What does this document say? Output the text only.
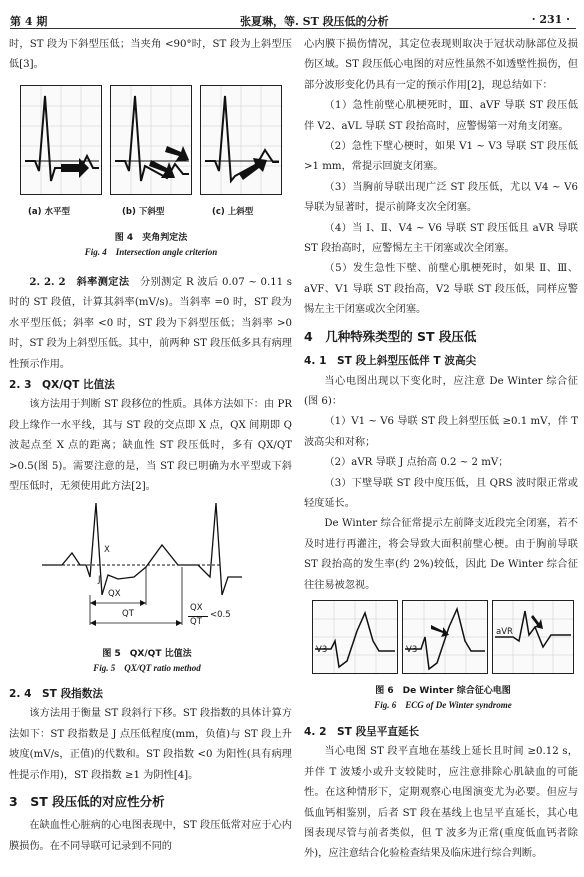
第 4 期	张夏琳，等. ST 段压低的分析	· 231 ·

时，ST 段为下斜型压低；当夹角 <90°时，ST 段为上斜型压低[3]。

(a) 水平型	(b) 下斜型	(c) 上斜型
图 4　夹角判定法
Fig. 4　Intersection angle criterion

2. 2. 2　斜率测定法　 分别测定 R 波后 0.07 ~ 0.11 s 时的 ST 段值，计算其斜率(mV/s)。当斜率 =0 时，ST 段为水平型压低；斜率 <0 时，ST 段为下斜型压低；当斜率 >0 时，ST 段为上斜型压低。其中，前两种 ST 段压低多具有病理性预示作用。

2. 3　QX/QT 比值法

该方法用于判断 ST 段移位的性质。具体方法如下：由 PR 段上缘作一水平线，其与 ST 段的交点即 X 点，QX 间期即 Q 波起点至 X 点的距离；缺血性 ST 段压低时，多有 QX/QT >0.5(图 5)。需要注意的是，当 ST 段已明确为水平型或下斜型压低时，无须使用此方法[2]。

X
J
QX
QT
QX
QT
<0.5
图 5　QX/QT 比值法
Fig. 5　QX/QT ratio method
2. 4　ST 段指数法

该方法用于衡量 ST 段斜行下移。ST 段指数的具体计算方法如下：ST 段指数是 J 点压低程度(mm，负值)与 ST 段上升坡度(mV/s，正值)的代数和。ST 段指数 <0 为阳性(具有病理性提示作用)，ST 段指数 ≥1 为阴性[4]。

3　ST 段压低的对应性分析

在缺血性心脏病的心电图表现中，ST 段压低常对应于心内膜损伤。在不同导联可记录到不同的

心内膜下损伤情况，其定位表现则取决于冠状动脉部位及损伤区域。ST 段压低心电图的对应性虽然不如透壁性损伤，但部分波形变化仍具有一定的预示作用[2]，现总结如下：

（1）急性前壁心肌梗死时，Ⅲ、aVF 导联 ST 段压低伴 V2、aVL 导联 ST 段抬高时，应警惕第一对角支闭塞。

（2）急性下壁心梗时，如果 V1 ~ V3 导联 ST 段压低 >1 mm，常提示回旋支闭塞。

（3）当胸前导联出现广泛 ST 段压低，尤以 V4 ~ V6 导联为显著时，提示前降支次全闭塞。

（4）当 Ⅰ、Ⅱ、V4 ~ V6 导联 ST 段压低且 aVR 导联 ST 段抬高时，应警惕左主干闭塞或次全闭塞。

（5）发生急性下壁、前壁心肌梗死时，如果 Ⅱ、Ⅲ、aVF、V1 导联 ST 段抬高，V2 导联 ST 段压低，同样应警惕左主干闭塞或次全闭塞。

4　几种特殊类型的 ST 段压低
4. 1　ST 段上斜型压低伴 T 波高尖

当心电图出现以下变化时，应注意 De Winter 综合征(图 6)：

（1）V1 ~ V6 导联 ST 段上斜型压低 ≥0.1 mV，伴 T 波高尖和对称；

（2）aVR 导联 J 点抬高 0.2 ~ 2 mV；

（3）下壁导联 ST 段中度压低，且 QRS 波时限正常或轻度延长。

De Winter 综合征常提示左前降支近段完全闭塞，若不及时进行再灌注，将会导致大面积前壁心梗。由于胸前导联 ST 段抬高的发生率(约 2%)较低，因此 De Winter 综合征往往易被忽视。

V3	V3
aVR
图 6　De Winter 综合征心电图
Fig. 6　ECG of De Winter syndrome
4. 2　ST 段呈平直延长

当心电图 ST 段平直地在基线上延长且时间 ≥0.12 s，并伴 T 波矮小或升支较陡时，应注意排除心肌缺血的可能性。在这种情形下，定期观察心电图演变尤为必要。但应与低血钙相鉴别，后者 ST 段在基线上也呈平直延长，其心电图表现尽管与前者类似，但 T 波多为正常(重度低血钙者除外)，应注意结合化验检查结果及临床进行综合判断。
